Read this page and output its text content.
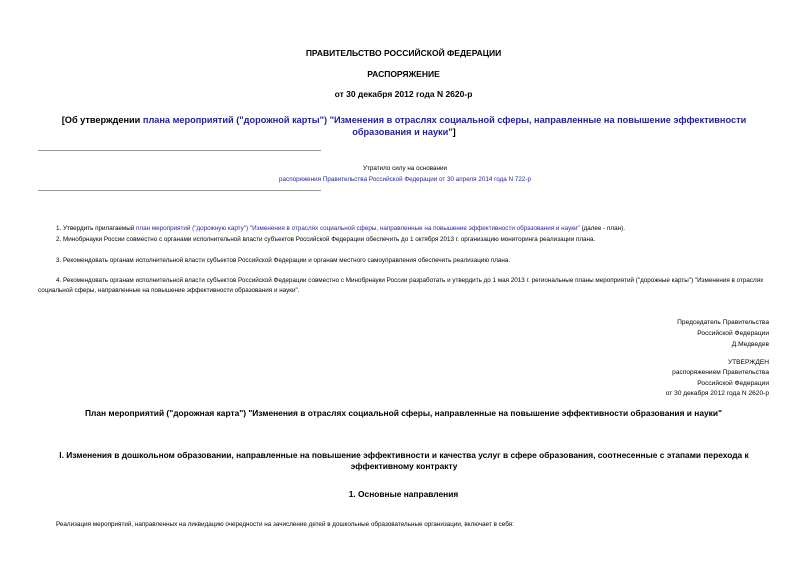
ПРАВИТЕЛЬСТВО РОССИЙСКОЙ ФЕДЕРАЦИИ
РАСПОРЯЖЕНИЕ
от 30 декабря 2012 года N 2620-р
[Об утверждении плана мероприятий ("дорожной карты") "Изменения в отраслях социальной сферы, направленные на повышение эффективности образования и науки"]
Утратило силу на основании
распоряжения Правительства Российской Федерации от 30 апреля 2014 года N 722-р
1. Утвердить прилагаемый план мероприятий ("дорожную карту") "Изменения в отраслях социальной сферы, направленные на повышение эффективности образования и науки" (далее - план).
2. Минобрнауки России совместно с органами исполнительной власти субъектов Российской Федерации обеспечить до 1 октября 2013 г. организацию мониторинга реализации плана.
3. Рекомендовать органам исполнительной власти субъектов Российской Федерации и органам местного самоуправления обеспечить реализацию плана.
4. Рекомендовать органам исполнительной власти субъектов Российской Федерации совместно с Минобрнауки России разработать и утвердить до 1 мая 2013 г. региональные планы мероприятий ("дорожные карты") "Изменения в отраслях социальной сферы, направленные на повышение эффективности образования и науки".
Председатель Правительства
Российской Федерации
Д.Медведев
УТВЕРЖДЕН
распоряжением Правительства
Российской Федерации
от 30 декабря 2012 года N 2620-р
План мероприятий ("дорожная карта") "Изменения в отраслях социальной сферы, направленные на повышение эффективности образования и науки"
I. Изменения в дошкольном образовании, направленные на повышение эффективности и качества услуг в сфере образования, соотнесенные с этапами перехода к эффективному контракту
1. Основные направления
Реализация мероприятий, направленных на ликвидацию очередности на зачисление детей в дошкольные образовательные организации, включает в себя:
